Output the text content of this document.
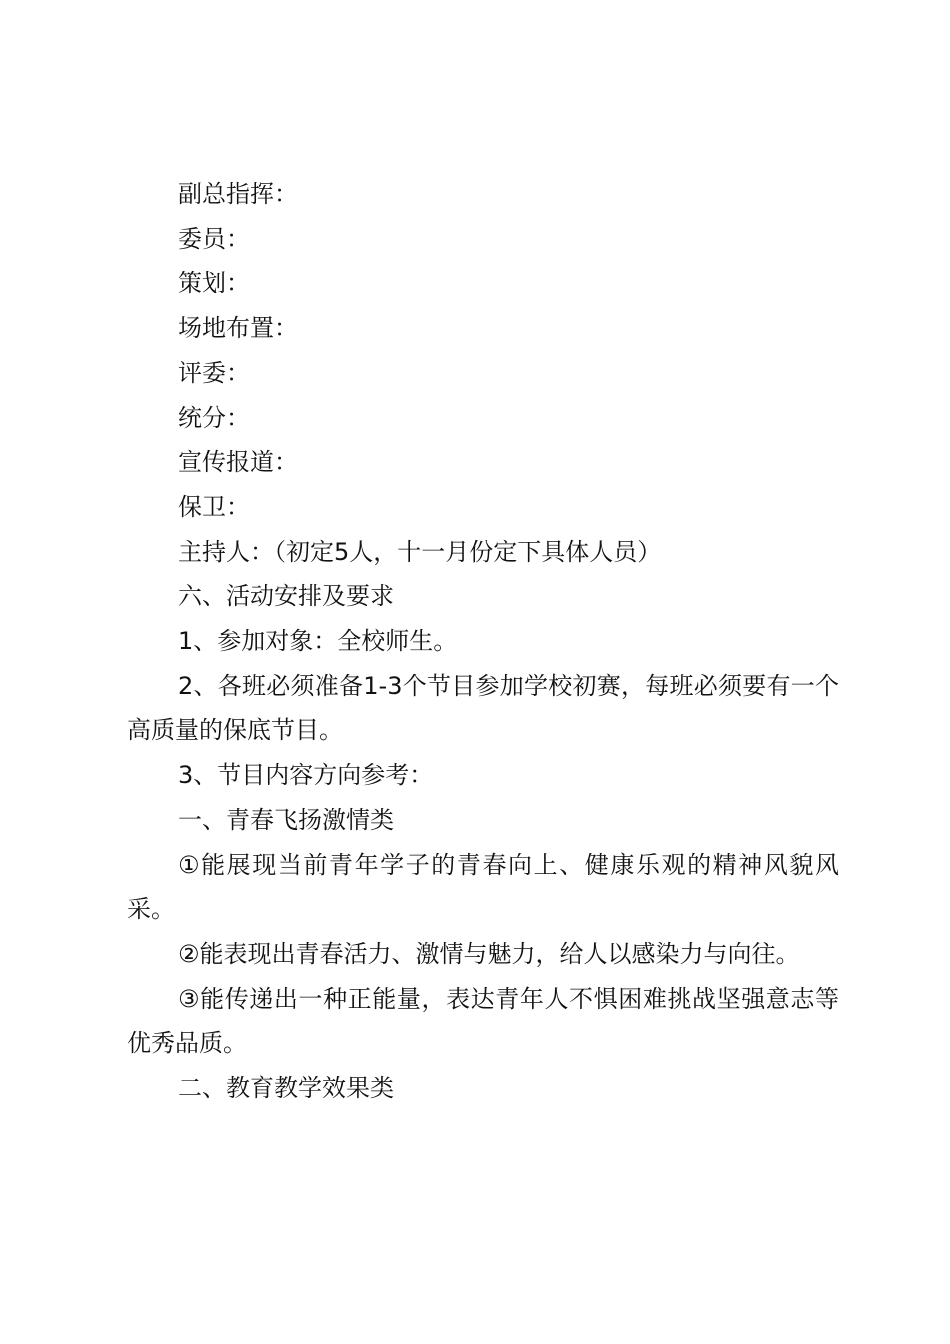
副总指挥：

委员：

策划：

场地布置：

评委：

统分：

宣传报道：

保卫：

主持人：（初定5人，十一月份定下具体人员）

六、活动安排及要求

1、参加对象：全校师生。

2、各班必须准备1-3个节目参加学校初赛，每班必须要有一个高质量的保底节目。

3、节目内容方向参考：

一、青春飞扬激情类

①能展现当前青年学子的青春向上、健康乐观的精神风貌风采。

②能表现出青春活力、激情与魅力，给人以感染力与向往。

③能传递出一种正能量，表达青年人不惧困难挑战坚强意志等优秀品质。

二、教育教学效果类
